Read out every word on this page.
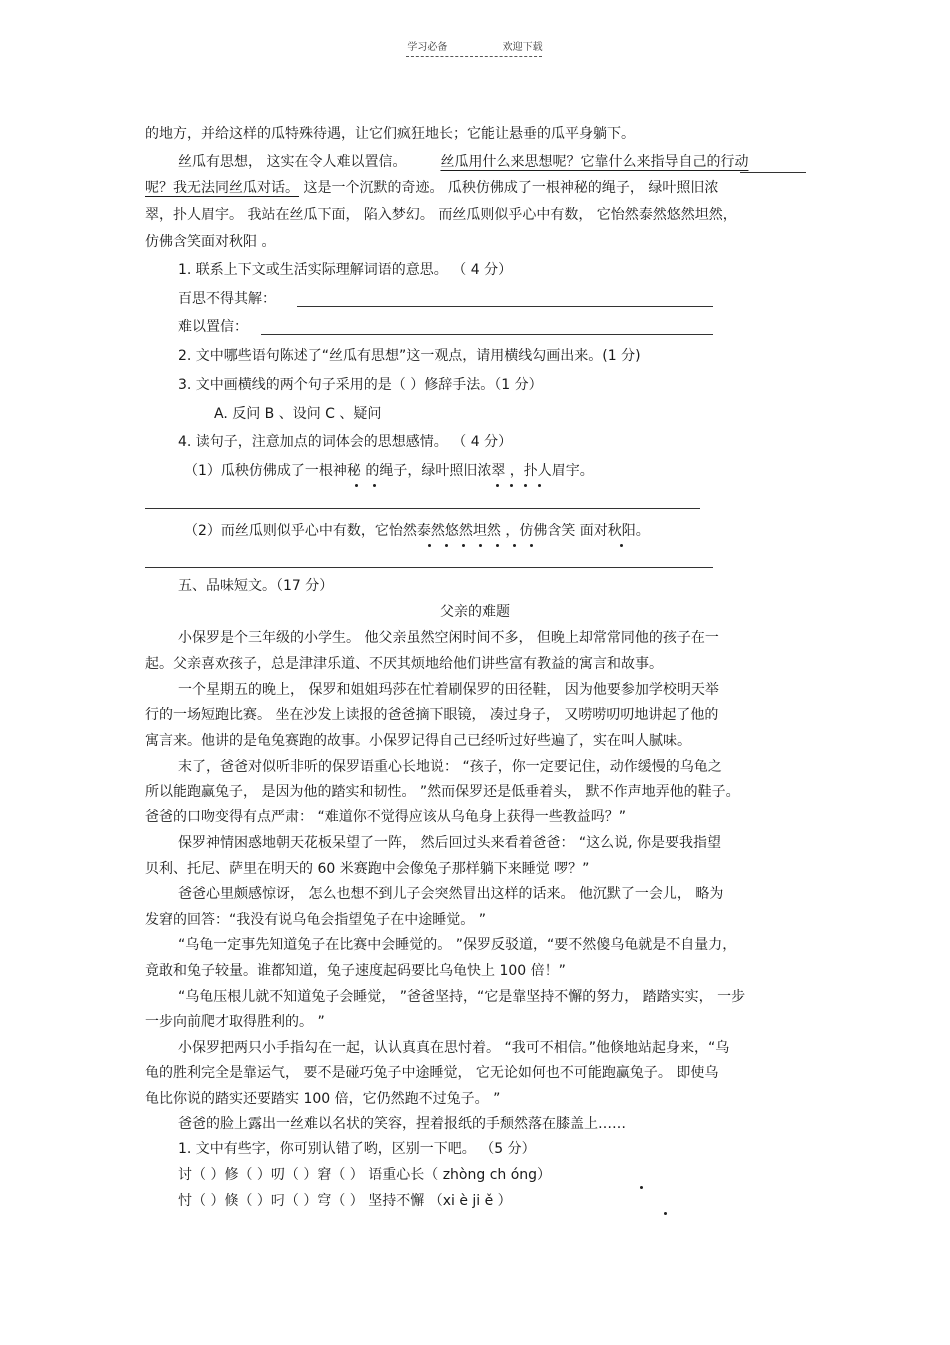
学习必备	欢迎下载
的地方，并给这样的瓜特殊待遇，让它们疯狂地长；它能让悬垂的瓜平身躺下。
丝瓜有思想， 这实在令人难以置信。 丝瓜用什么来思想呢？它靠什么来指导自己的行动
呢？我无法同丝瓜对话。 这是一个沉默的奇迹。 瓜秧仿佛成了一根神秘的绳子， 绿叶照旧浓
翠，扑人眉宇。 我站在丝瓜下面， 陷入梦幻。 而丝瓜则似乎心中有数， 它怡然泰然悠然坦然，
仿佛含笑面对秋阳 。
1. 联系上下文或生活实际理解词语的意思。 （ 4 分）
百思不得其解：
难以置信：
2. 文中哪些语句陈述了“丝瓜有思想”这一观点，请用横线勾画出来。(1 分)
3. 文中画横线的两个句子采用的是（ ）修辞手法。（1 分）
A. 反问 B 、设问 C 、疑问
4. 读句子，注意加点的词体会的思想感情。 （ 4 分）
（1）瓜秧仿佛成了一根神秘 的绳子，绿叶照旧浓翠 ，扑人眉宇。
（2）而丝瓜则似乎心中有数，它怡然泰然悠然坦然 ，仿佛含笑 面对秋阳。
五、品味短文。（17 分）
父亲的难题
小保罗是个三年级的小学生。 他父亲虽然空闲时间不多， 但晚上却常常同他的孩子在一
起。父亲喜欢孩子，总是津津乐道、不厌其烦地给他们讲些富有教益的寓言和故事。
一个星期五的晚上， 保罗和姐姐玛莎在忙着刷保罗的田径鞋， 因为他要参加学校明天举
行的一场短跑比赛。 坐在沙发上读报的爸爸摘下眼镜， 凑过身子， 又唠唠叨叨地讲起了他的
寓言来。他讲的是龟兔赛跑的故事。小保罗记得自己已经听过好些遍了，实在叫人腻味。
末了，爸爸对似听非听的保罗语重心长地说： “孩子，你一定要记住，动作缓慢的乌龟之
所以能跑赢兔子， 是因为他的踏实和韧性。 ”然而保罗还是低垂着头， 默不作声地弄他的鞋子。
爸爸的口吻变得有点严肃： “难道你不觉得应该从乌龟身上获得一些教益吗？”
保罗神情困惑地朝天花板呆望了一阵， 然后回过头来看着爸爸： “这么说, 你是要我指望
贝利、托尼、萨里在明天的 60 米赛跑中会像兔子那样躺下来睡觉 啰？”
爸爸心里颇感惊讶， 怎么也想不到儿子会突然冒出这样的话来。 他沉默了一会儿， 略为
发窘的回答：“我没有说乌龟会指望兔子在中途睡觉。 ”
“乌龟一定事先知道兔子在比赛中会睡觉的。 ”保罗反驳道，“要不然傻乌龟就是不自量力，
竟敢和兔子较量。谁都知道，兔子速度起码要比乌龟快上 100 倍！”
“乌龟压根儿就不知道兔子会睡觉， ”爸爸坚持，“它是靠坚持不懈的努力， 踏踏实实， 一步
一步向前爬才取得胜利的。 ”
小保罗把两只小手指勾在一起，认认真真在思忖着。 “我可不相信。”他倏地站起身来，“乌
龟的胜利完全是靠运气， 要不是碰巧兔子中途睡觉， 它无论如何也不可能跑赢兔子。 即使乌
龟比你说的踏实还要踏实 100 倍，它仍然跑不过兔子。 ”
爸爸的脸上露出一丝难以名状的笑容，捏着报纸的手颓然落在膝盖上……
1. 文中有些字，你可别认错了哟，区别一下吧。 （5 分）
讨（ ）修（ ）叨（ ）窘（ ） 语重心长（ zhòng ch óng）
忖（ ）倏（ ）叼（ ）穹（ ） 坚持不懈 （xi è ji ě ）
